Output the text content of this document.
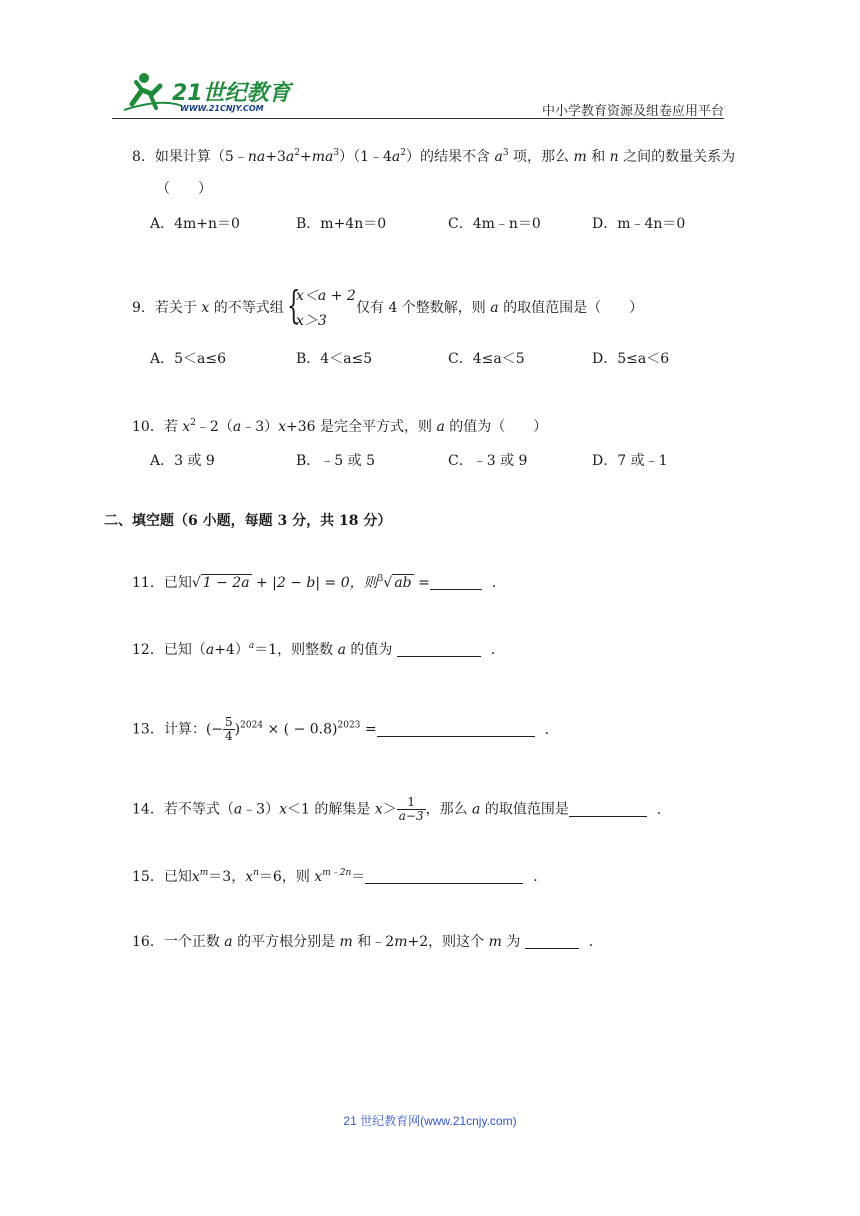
21世纪教育
WWW.21CNJY.COM	中小学教育资源及组卷应用平台
8．如果计算$(5﹣na+3a^2+ma^3)(1﹣4a^2)$的结果不含 $a^3$ 项，那么 m 和 n 之间的数量关系为
（　　）
A．4m+n＝0	B．m+4n＝0	C．4m﹣n＝0	D．m﹣4n＝0
9．若关于 x 的不等式组 {
x＜a + 2
x＞3
仅有 4 个整数解，则 a 的取值范围是（　　）
A．5＜a≤6	B．4＜a≤5	C．4≤a＜5	D．5≤a＜6
10．若 $x^2﹣2(a﹣3)x+36$ 是完全平方式，则 a 的值为（　　）
A．3 或 9	B．﹣5 或 5	C．﹣3 或 9	D．7 或﹣1
二、填空题（6 小题，每题 3 分，共 18 分）
11．已知√ 1 − 2a + |2 − b| = 0，则$^3$√ ab =	．
12．已知$(a+4)^a=1$，则整数 a 的值为	．
13．计算：(− $\frac{5}{4} )^{2024}$ × ( − 0.8)$^{2023}$ =	．
14．若不等式（a﹣3）x＜1 的解集是 $x> \frac{1}{a-3}$ ，那么 a 的取值范围是	．
15．已知$x^m=3$，$x^n=6$，则 $x^{m﹣2n}=$	．
16．一个正数 a 的平方根分别是 m 和﹣2m+2，则这个 m 为	．
21 世纪教育网(www.21cnjy.com)
